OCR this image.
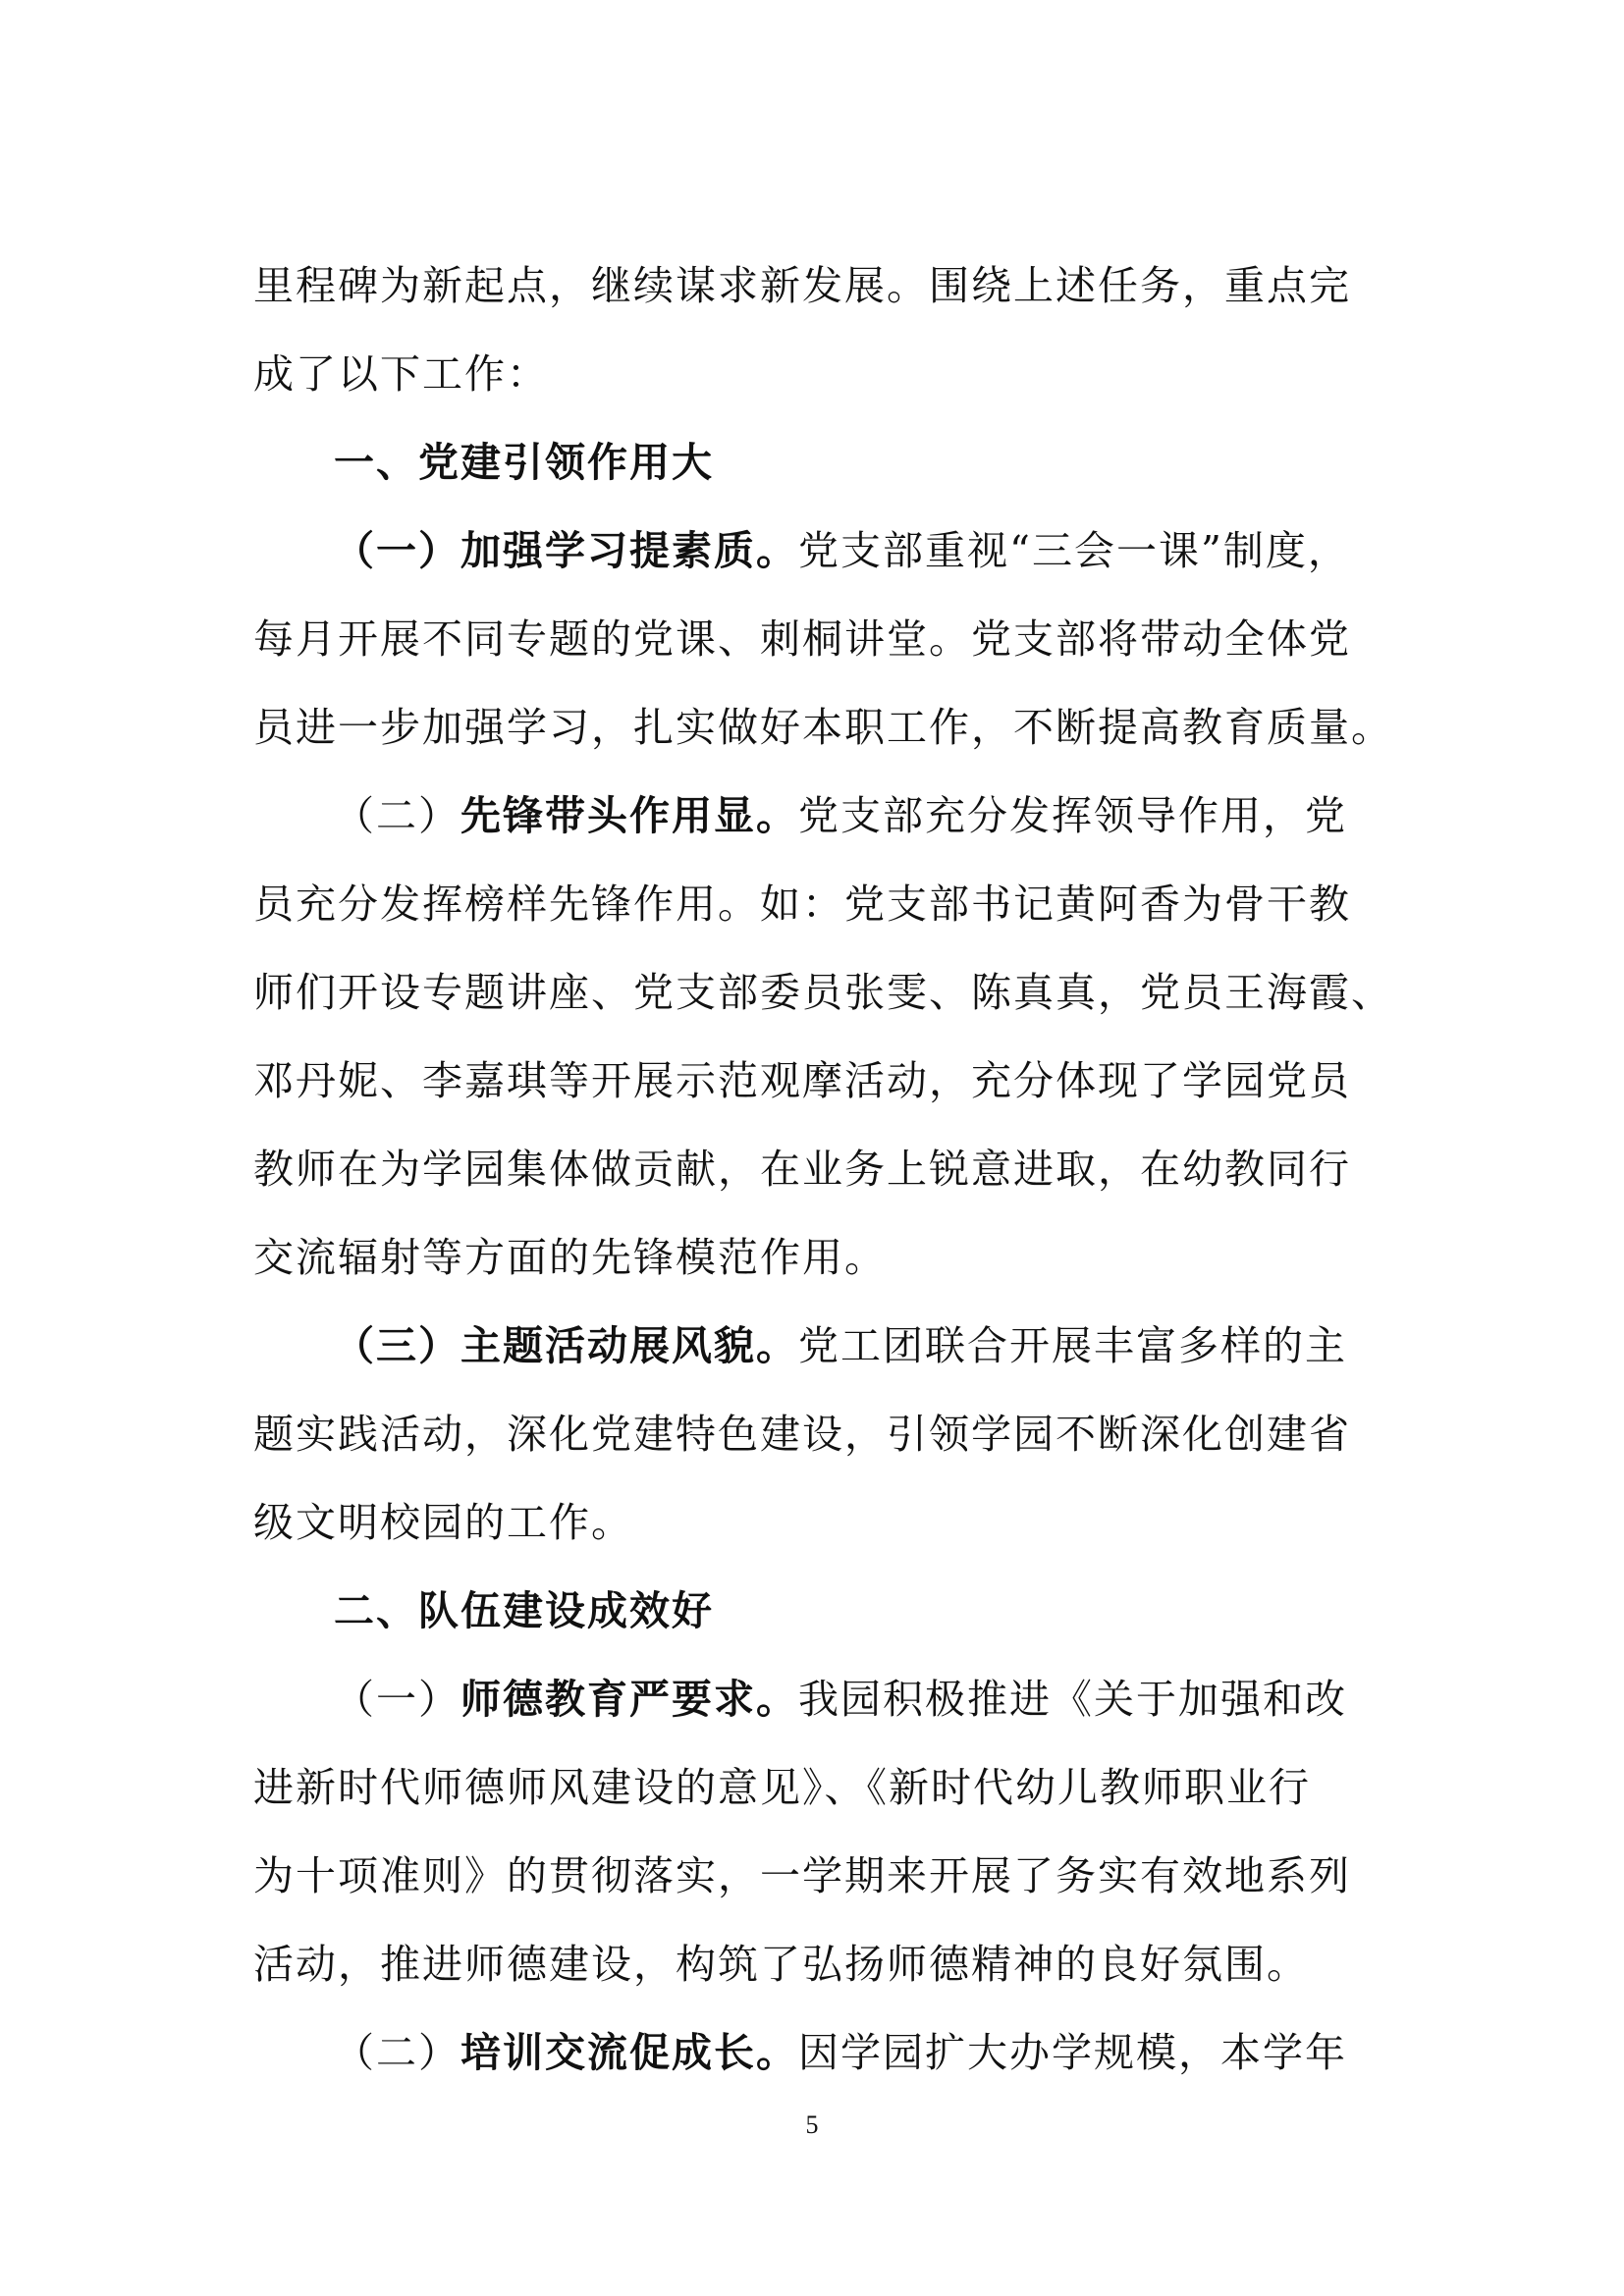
里程碑为新起点，继续谋求新发展。围绕上述任务，重点完
成了以下工作：
一、党建引领作用大
（一）加强学习提素质。党支部重视“三会一课”制度，
每月开展不同专题的党课、刺桐讲堂。党支部将带动全体党
员进一步加强学习，扎实做好本职工作，不断提高教育质量。
（二）先锋带头作用显。党支部充分发挥领导作用，党
员充分发挥榜样先锋作用。如：党支部书记黄阿香为骨干教
师们开设专题讲座、党支部委员张雯、陈真真，党员王海霞、
邓丹妮、李嘉琪等开展示范观摩活动，充分体现了学园党员
教师在为学园集体做贡献，在业务上锐意进取，在幼教同行
交流辐射等方面的先锋模范作用。
（三）主题活动展风貌。党工团联合开展丰富多样的主
题实践活动，深化党建特色建设，引领学园不断深化创建省
级文明校园的工作。
二、队伍建设成效好
（一）师德教育严要求。我园积极推进《关于加强和改
进新时代师德师风建设的意见》、《新时代幼儿教师职业行
为十项准则》的贯彻落实，一学期来开展了务实有效地系列
活动，推进师德建设，构筑了弘扬师德精神的良好氛围。
（二）培训交流促成长。因学园扩大办学规模，本学年
5
